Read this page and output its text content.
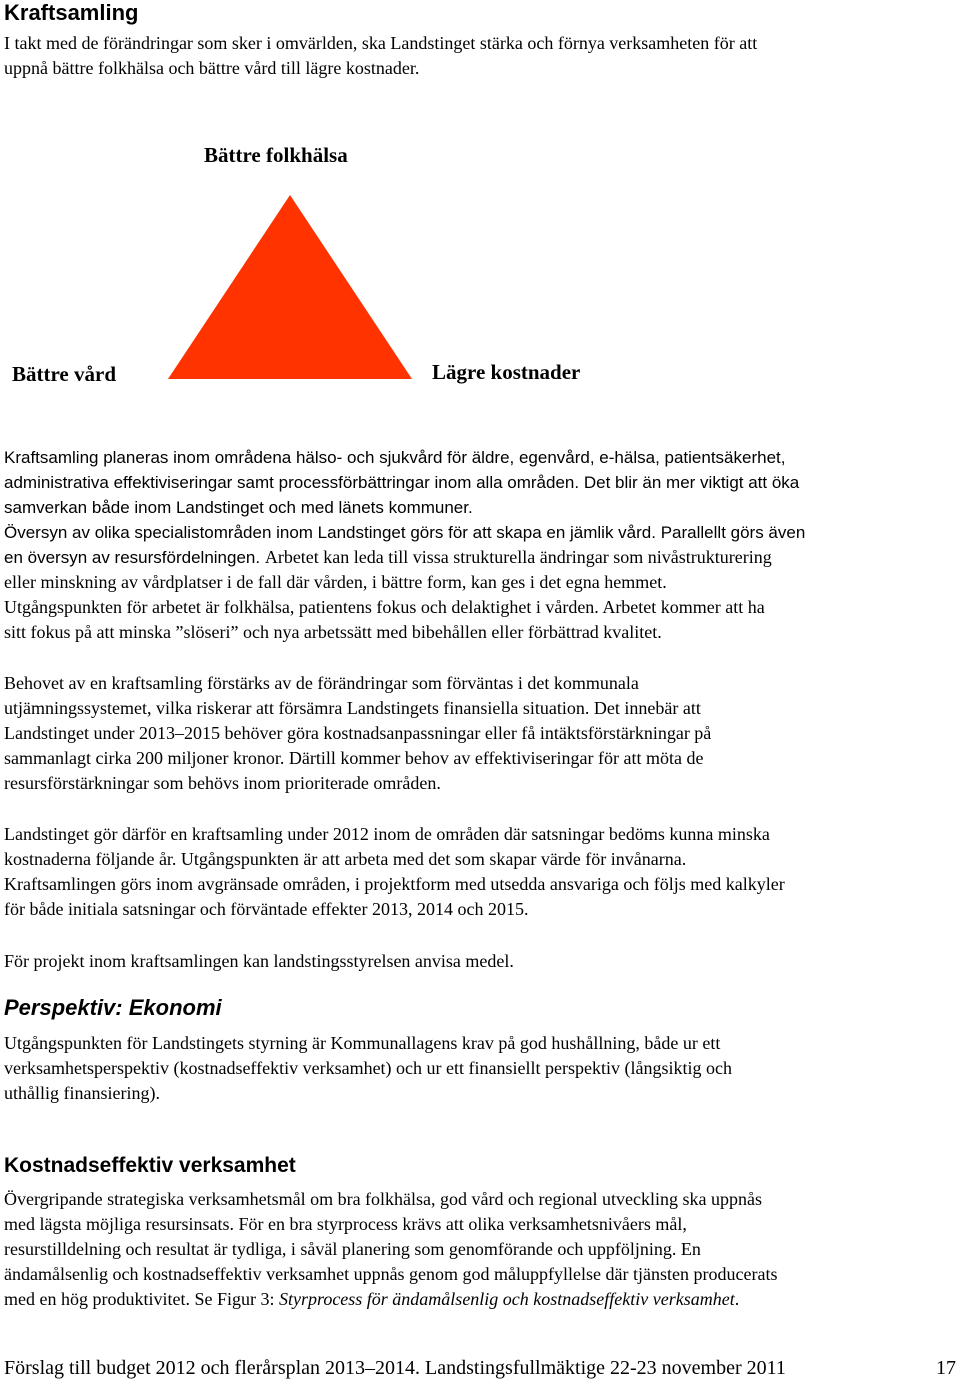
Kraftsamling

I takt med de förändringar som sker i omvärlden, ska Landstinget stärka och förnya verksamheten för att
uppnå bättre folkhälsa och bättre vård till lägre kostnader.

Bättre folkhälsa
Bättre vård	Lägre kostnader
Kraftsamling planeras inom områdena hälso- och sjukvård för äldre, egenvård, e-hälsa, patientsäkerhet,
administrativa effektiviseringar samt processförbättringar inom alla områden. Det blir än mer viktigt att öka
samverkan både inom Landstinget och med länets kommuner.
Översyn av olika specialistområden inom Landstinget görs för att skapa en jämlik vård. Parallellt görs även
en översyn av resursfördelningen. Arbetet kan leda till vissa strukturella ändringar som nivåstrukturering
eller minskning av vårdplatser i de fall där vården, i bättre form, kan ges i det egna hemmet.
Utgångspunkten för arbetet är folkhälsa, patientens fokus och delaktighet i vården. Arbetet kommer att ha
sitt fokus på att minska ”slöseri” och nya arbetssätt med bibehållen eller förbättrad kvalitet.

Behovet av en kraftsamling förstärks av de förändringar som förväntas i det kommunala
utjämningssystemet, vilka riskerar att försämra Landstingets finansiella situation. Det innebär att
Landstinget under 2013–2015 behöver göra kostnadsanpassningar eller få intäktsförstärkningar på
sammanlagt cirka 200 miljoner kronor. Därtill kommer behov av effektiviseringar för att möta de
resursförstärkningar som behövs inom prioriterade områden.

Landstinget gör därför en kraftsamling under 2012 inom de områden där satsningar bedöms kunna minska
kostnaderna följande år. Utgångspunkten är att arbeta med det som skapar värde för invånarna.
Kraftsamlingen görs inom avgränsade områden, i projektform med utsedda ansvariga och följs med kalkyler
för både initiala satsningar och förväntade effekter 2013, 2014 och 2015.

För projekt inom kraftsamlingen kan landstingsstyrelsen anvisa medel.

Perspektiv: Ekonomi

Utgångspunkten för Landstingets styrning är Kommunallagens krav på god hushållning, både ur ett
verksamhetsperspektiv (kostnadseffektiv verksamhet) och ur ett finansiellt perspektiv (långsiktig och
uthållig finansiering).

Kostnadseffektiv verksamhet

Övergripande strategiska verksamhetsmål om bra folkhälsa, god vård och regional utveckling ska uppnås
med lägsta möjliga resursinsats. För en bra styrprocess krävs att olika verksamhetsnivåers mål,
resurstilldelning och resultat är tydliga, i såväl planering som genomförande och uppföljning. En
ändamålsenlig och kostnadseffektiv verksamhet uppnås genom god måluppfyllelse där tjänsten producerats
med en hög produktivitet. Se Figur 3: Styrprocess för ändamålsenlig och kostnadseffektiv verksamhet.

Förslag till budget 2012 och flerårsplan 2013–2014. Landstingsfullmäktige 22-23 november 2011	17
